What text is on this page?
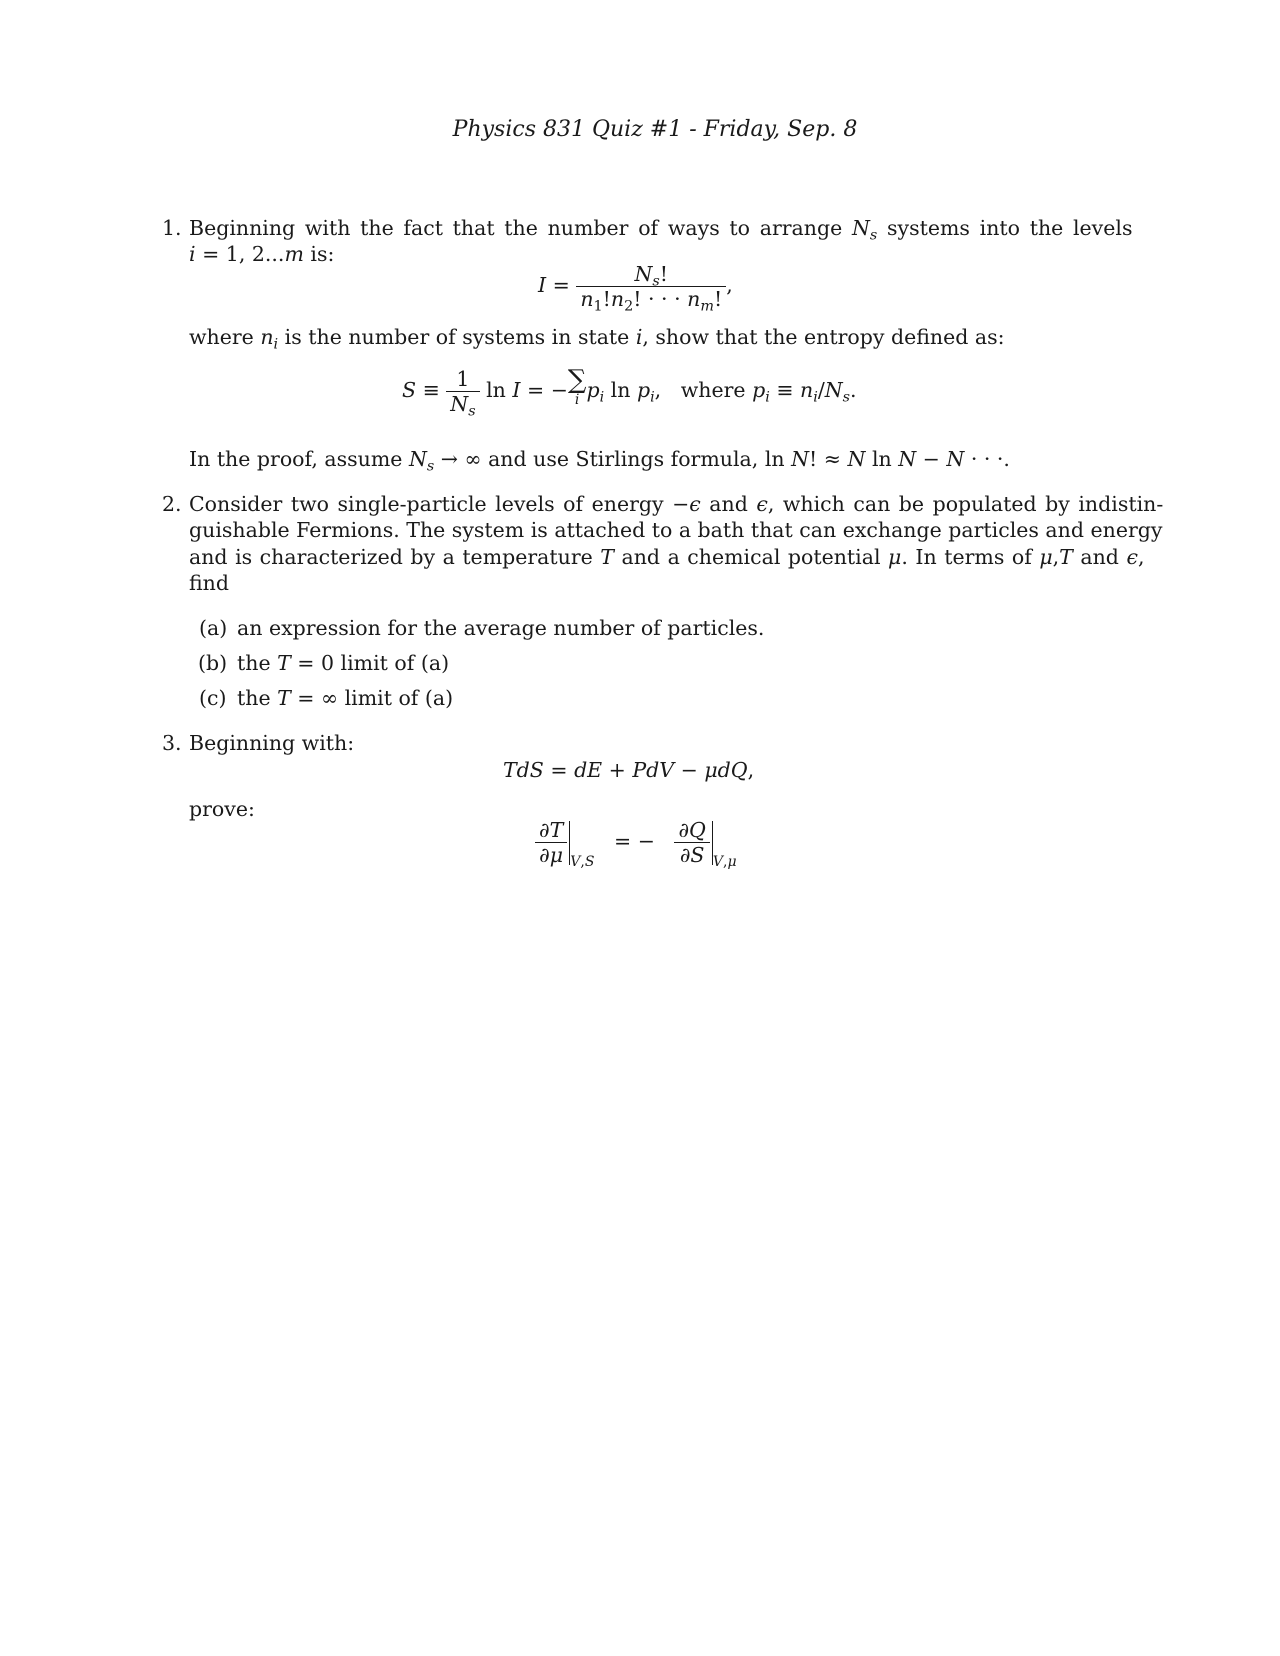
Physics 831 Quiz #1 - Friday, Sep. 8
1. Beginning with the fact that the number of ways to arrange $N_s$ systems into the levels
i = 1, 2...m is:
$I = \frac{N_s!}{n_1!n_2! \cdot \cdot \cdot n_m!}$ ,
where $n_i$ is the number of systems in state i, show that the entropy defined as:
$S \equiv \frac{1}{N_s}$ ln I = − ∑
i $p_i$ $\ln p_i$,   where $p_i \equiv n_i/N_s$.
In the proof, assume $N_s$ → ∞ and use Stirlings formula, ln N! ≈ N ln N − N · · ·.
2. Consider two single-particle levels of energy −ϵ and ϵ, which can be populated by indistin-
guishable Fermions. The system is attached to a bath that can exchange particles and energy
and is characterized by a temperature T and a chemical potential μ. In terms of μ,T and ϵ,
find
(a) an expression for the average number of particles.
(b) the T = 0 limit of (a)
(c) the T = ∞ limit of (a)
3. Beginning with:
TdS = dE + PdV − μdQ,
prove:
$\frac{\partial T}{\partial\mu} _{V,S}$   = − $\frac{\partial Q}{\partial S} _{V,\mu}$
